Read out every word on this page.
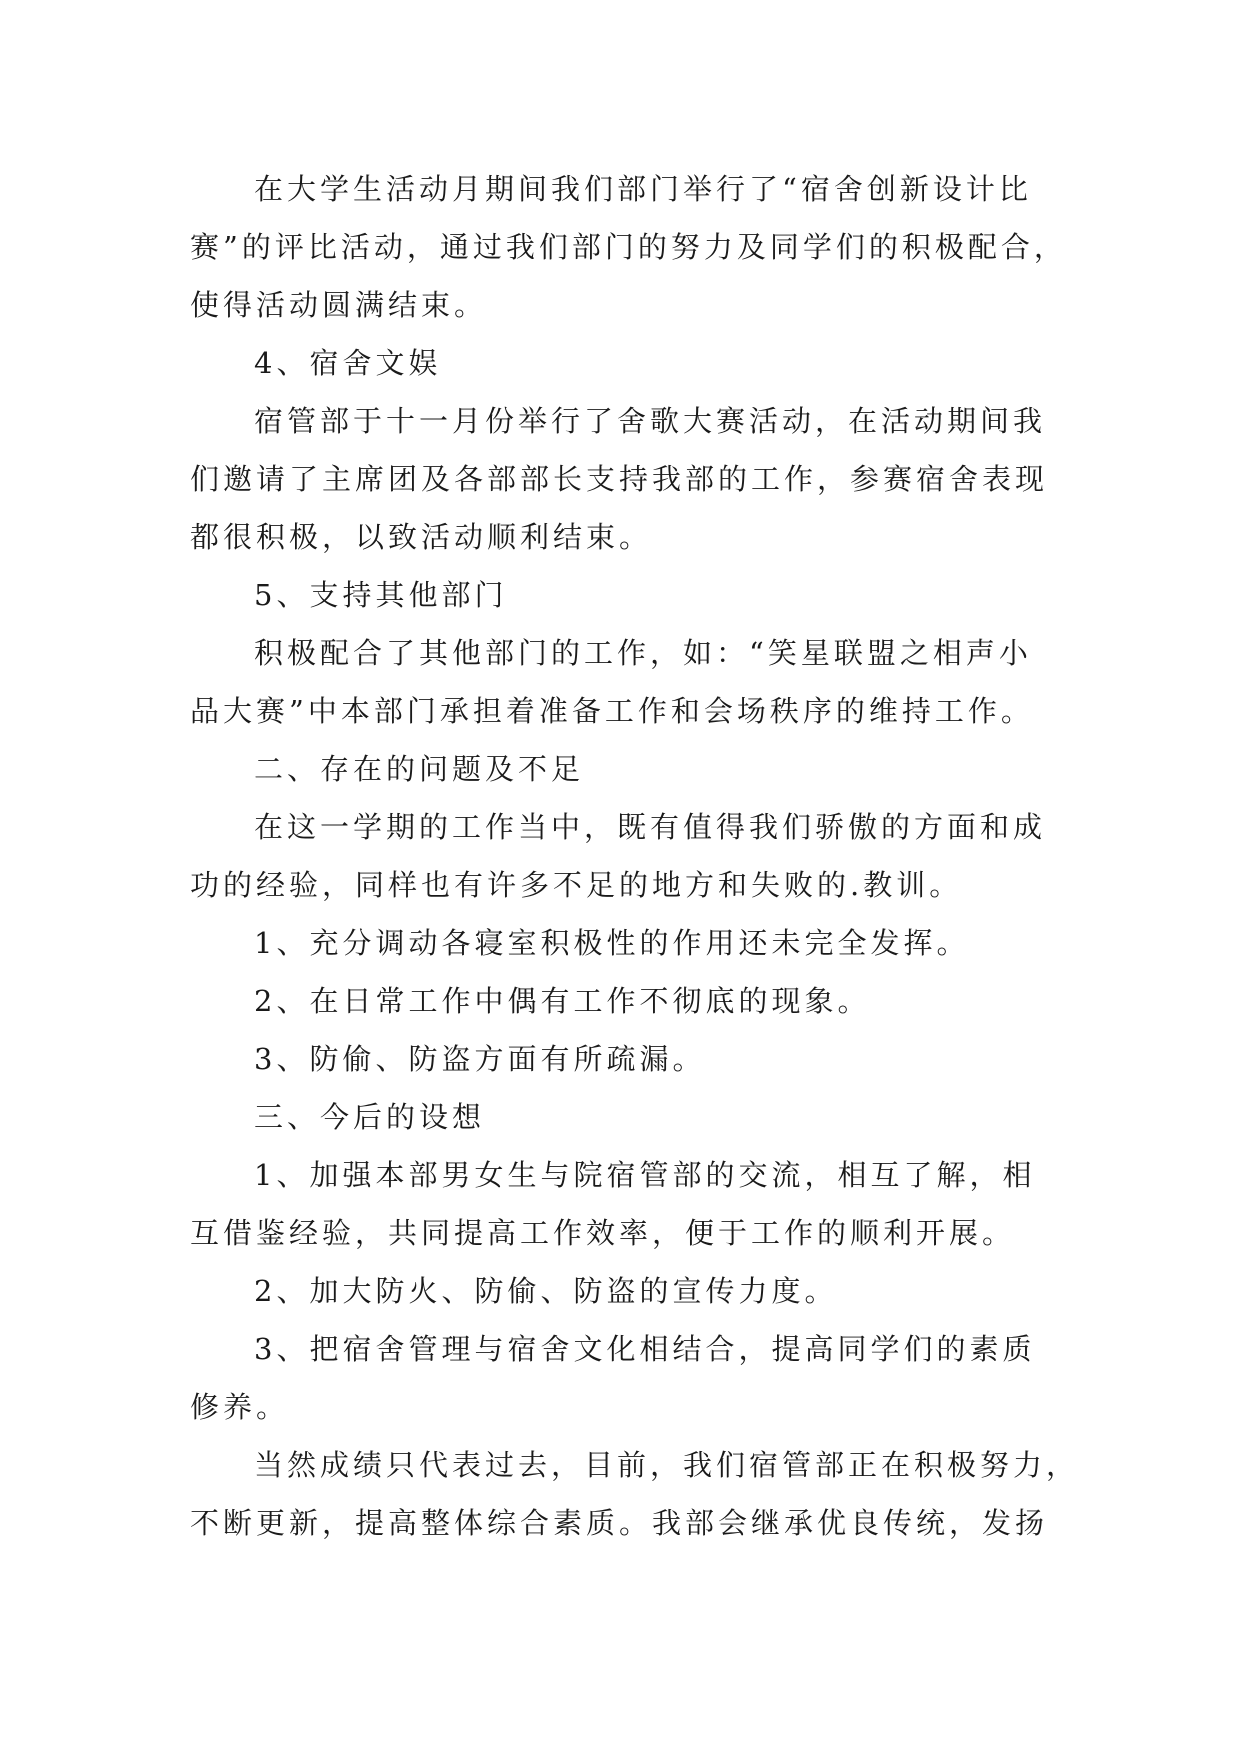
在大学生活动月期间我们部门举行了“宿舍创新设计比

赛”的评比活动，通过我们部门的努力及同学们的积极配合，

使得活动圆满结束。

4、宿舍文娱

宿管部于十一月份举行了舍歌大赛活动，在活动期间我

们邀请了主席团及各部部长支持我部的工作，参赛宿舍表现

都很积极，以致活动顺利结束。

5、支持其他部门

积极配合了其他部门的工作，如：“笑星联盟之相声小

品大赛”中本部门承担着准备工作和会场秩序的维持工作。

二、存在的问题及不足

在这一学期的工作当中，既有值得我们骄傲的方面和成

功的经验，同样也有许多不足的地方和失败的.教训。

1、充分调动各寝室积极性的作用还未完全发挥。

2、在日常工作中偶有工作不彻底的现象。

3、防偷、防盗方面有所疏漏。

三、今后的设想

1、加强本部男女生与院宿管部的交流，相互了解，相

互借鉴经验，共同提高工作效率，便于工作的顺利开展。

2、加大防火、防偷、防盗的宣传力度。

3、把宿舍管理与宿舍文化相结合，提高同学们的素质

修养。

当然成绩只代表过去，目前，我们宿管部正在积极努力，

不断更新，提高整体综合素质。我部会继承优良传统，发扬
